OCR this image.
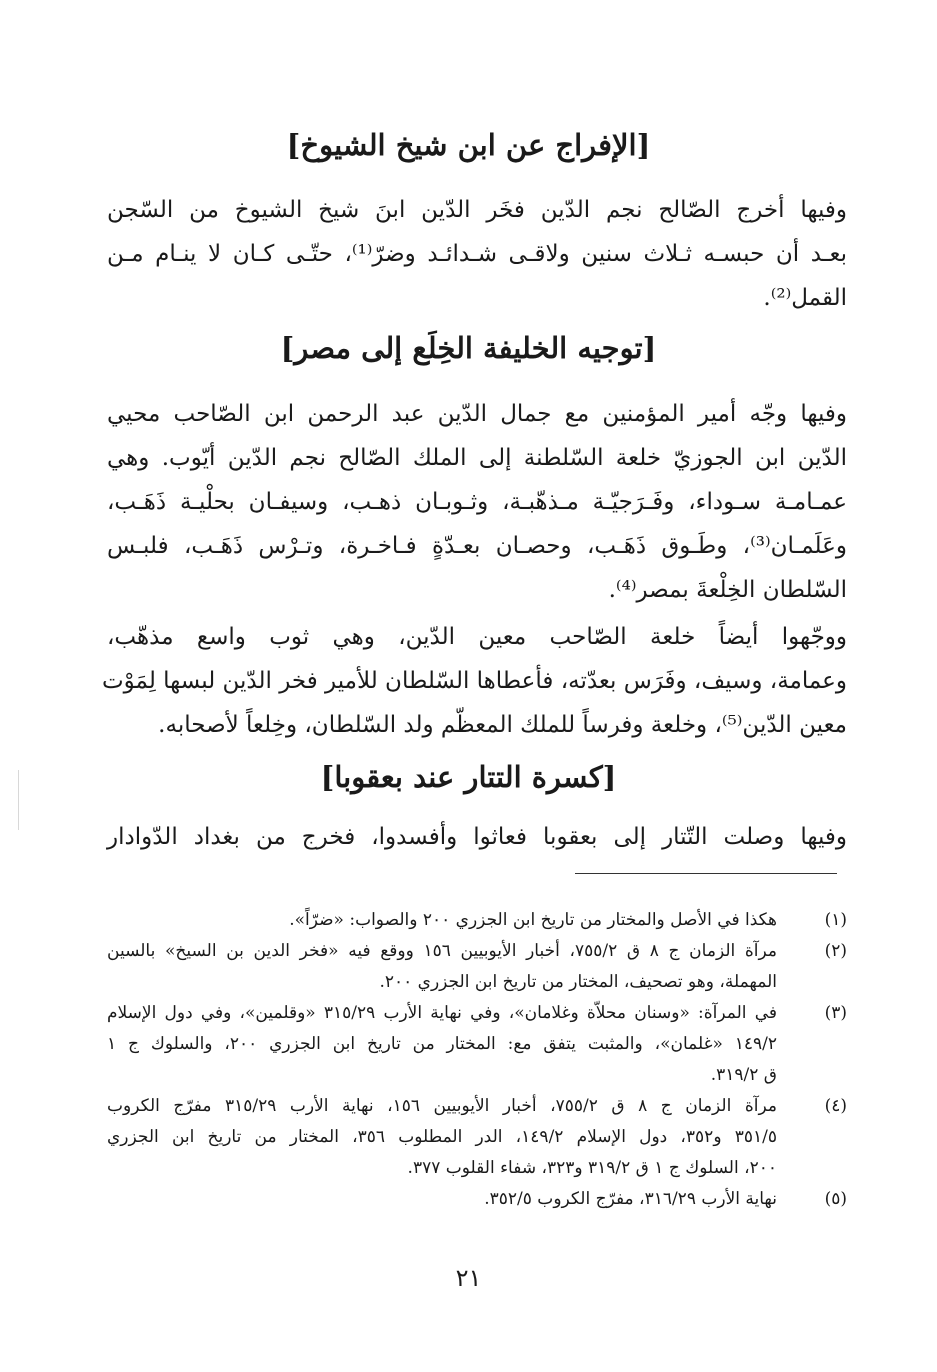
[الإفراج عن ابن شيخ الشيوخ]
وفيها أخرج الصّالح نجم الدّين فخَر الدّين ابنَ شيخ الشيوخ من السّجن
بعـد أن حبسـه ثـلاث سنين ولاقـى شـدائـد وضرّ⁽¹⁾، حتّـى كـان لا ينـام مـن
القمل⁽²⁾.
[توجيه الخليفة الخِلَع إلى مصر]
وفيها وجّه أمير المؤمنين مع جمال الدّين عبد الرحمن ابن الصّاحب محيي
الدّين ابن الجوزيّ خلعة السّلطنة إلى الملك الصّالح نجم الدّين أيّوب. وهي
عمـامـة سـوداء، وفَـرَجيّـة مـذهّبـة، وثـوبـان ذهـب، وسيفـان بحلْيـة ذَهَـب،
وعَلَمـان⁽³⁾، وطَـوق ذَهَـب، وحصـان بعـدّةٍ فـاخـرة، وتـرْس ذَهَـب، فلبـس
السّلطان الخِلْعةَ بمصر⁽⁴⁾.
ووجّهوا أيضاً خلعة الصّاحب معين الدّين، وهي ثوب واسع مذهّب،
وعمامة، وسيف، وفَرَس بعدّته، فأعطاها السّلطان للأمير فخر الدّين لبسها لِمَوْت
معين الدّين⁽⁵⁾، وخلعة وفرساً للملك المعظّم ولد السّلطان، وخِلعاً لأصحابه.
[كسرة التتار عند بعقوبا]
وفيها وصلت التّتار إلى بعقوبا فعاثوا وأفسدوا، فخرج من بغداد الدّوادار
(١)
هكذا في الأصل والمختار من تاريخ ابن الجزري ٢٠٠ والصواب: «ضرّاً».
(٢)
مرآة الزمان ج ٨ ق ٧٥٥/٢، أخبار الأيوبيين ١٥٦ ووقع فيه «فخر الدين بن السيخ» بالسين
المهملة، وهو تصحيف، المختار من تاريخ ابن الجزري ٢٠٠.
(٣)
في المرآة: «وسنان محلاّة وغلامان»، وفي نهاية الأرب ٣١٥/٢٩ «وقلمين»، وفي دول الإسلام
١٤٩/٢ «غلمان»، والمثبت يتفق مع: المختار من تاريخ ابن الجزري ٢٠٠، والسلوك ج ١
ق ٣١٩/٢.
(٤)
مرآة الزمان ج ٨ ق ٧٥٥/٢، أخبار الأيوبيين ١٥٦، نهاية الأرب ٣١٥/٢٩ مفرّج الكروب
٣٥١/٥ و٣٥٢، دول الإسلام ١٤٩/٢، الدر المطلوب ٣٥٦، المختار من تاريخ ابن الجزري
٢٠٠، السلوك ج ١ ق ٣١٩/٢ و٣٢٣، شفاء القلوب ٣٧٧.
(٥)
نهاية الأرب ٣١٦/٢٩، مفرّج الكروب ٣٥٢/٥.
٢١
